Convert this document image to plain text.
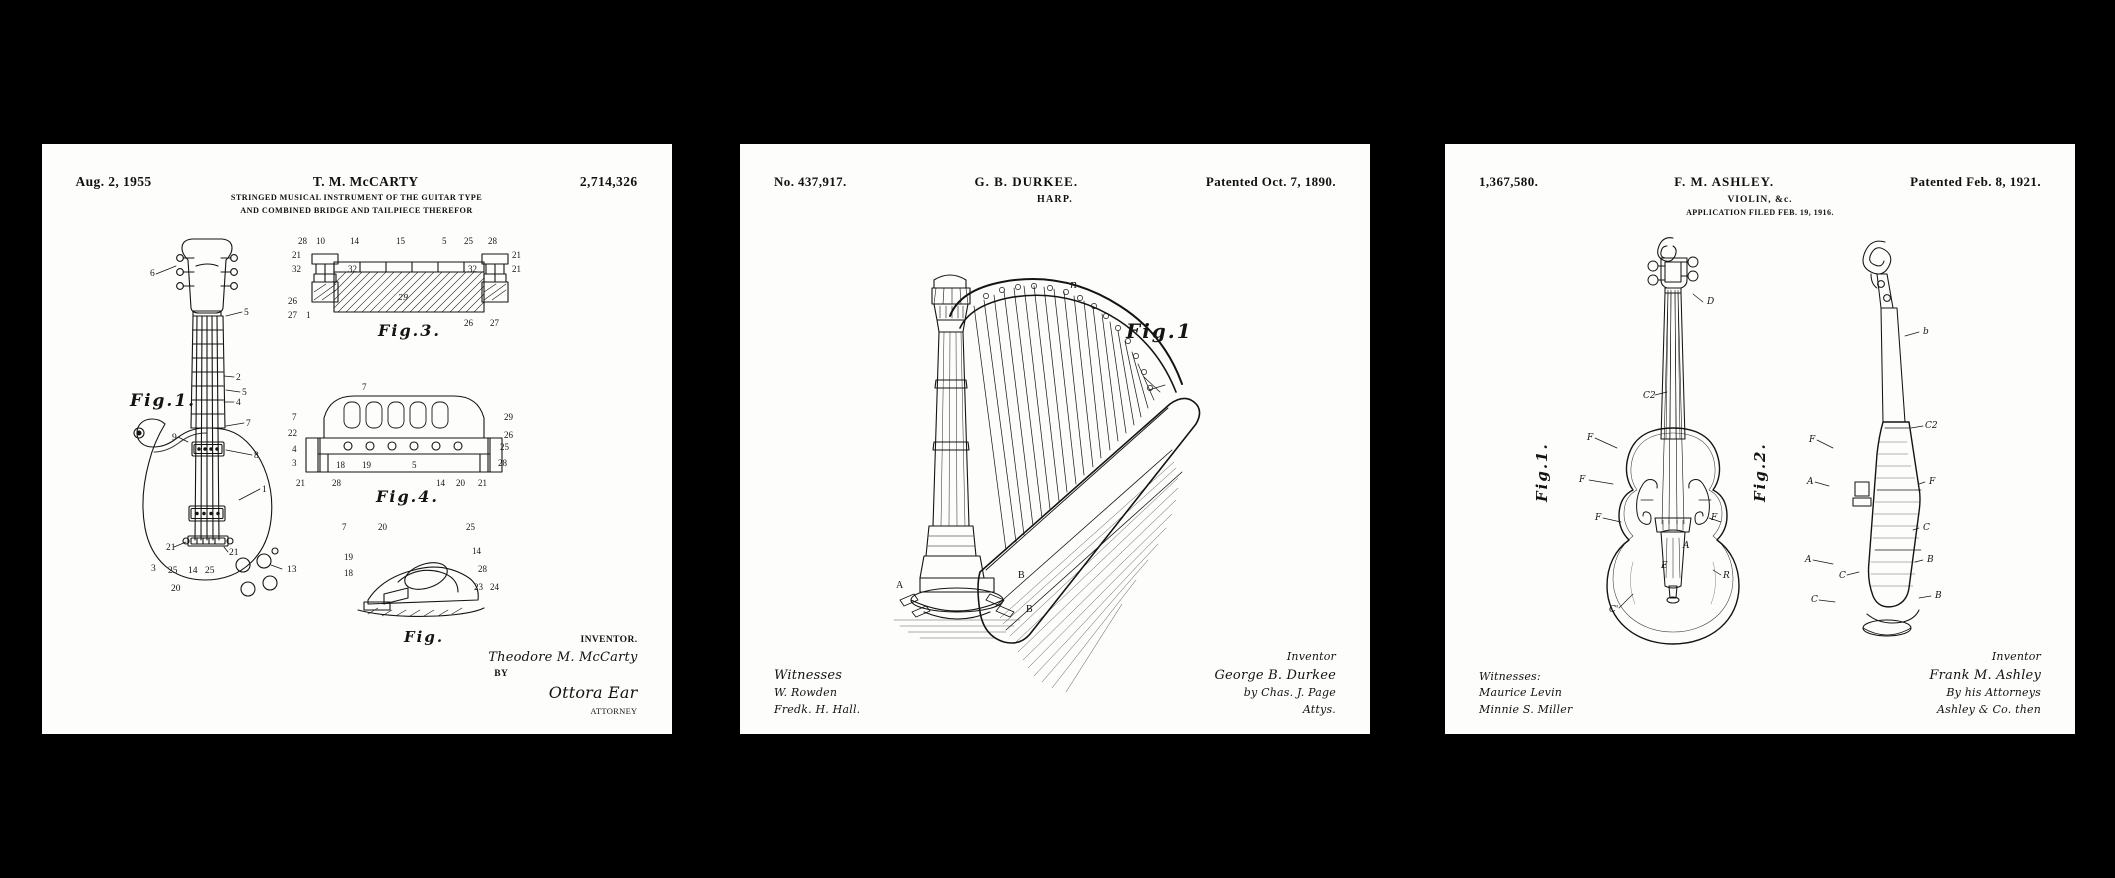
Aug. 2, 1955	T. M. McCARTY	2,714,326
STRINGED MUSICAL INSTRUMENT OF THE GUITAR TYPE
AND COMBINED BRIDGE AND TAILPIECE THEREFOR
Fig.1.
6
5
5
7
4
2
9
8
1
21	21
3 25 14 25
20
13
29
28 10	14	15	5 25 28
21	21
32	32	32	21
26
27 1
26 27
Fig.3.
7
7
22
4
3	18 19	5
28
21
29
26
25
28
14 20 21
Fig.4.
7	20	25
14
19
18	28
23 24
Fig.	INVENTOR.
Theodore M. McCarty
BY
Ottora Ear
ATTORNEY
No. 437,917.	G. B. DURKEE.	Patented Oct. 7, 1890.
HARP.
n
A
B
B
Fig.1
Witnesses
W. Rowden
Fredk. H. Hall.
Inventor
George B. Durkee
by Chas. J. Page
Attys.
1,367,580.	F. M. ASHLEY.	Patented Feb. 8, 1921.
VIOLIN, &c.
APPLICATION FILED FEB. 19, 1916.
D
C2
F
F
F	F
A
E
C'
R
Fig.1.
b
C2
F
F
A
C
A
C
B
C	B
Fig.2.
Witnesses:
Maurice Levin
Minnie S. Miller
Inventor
Frank M. Ashley
By his Attorneys
Ashley & Co. then
